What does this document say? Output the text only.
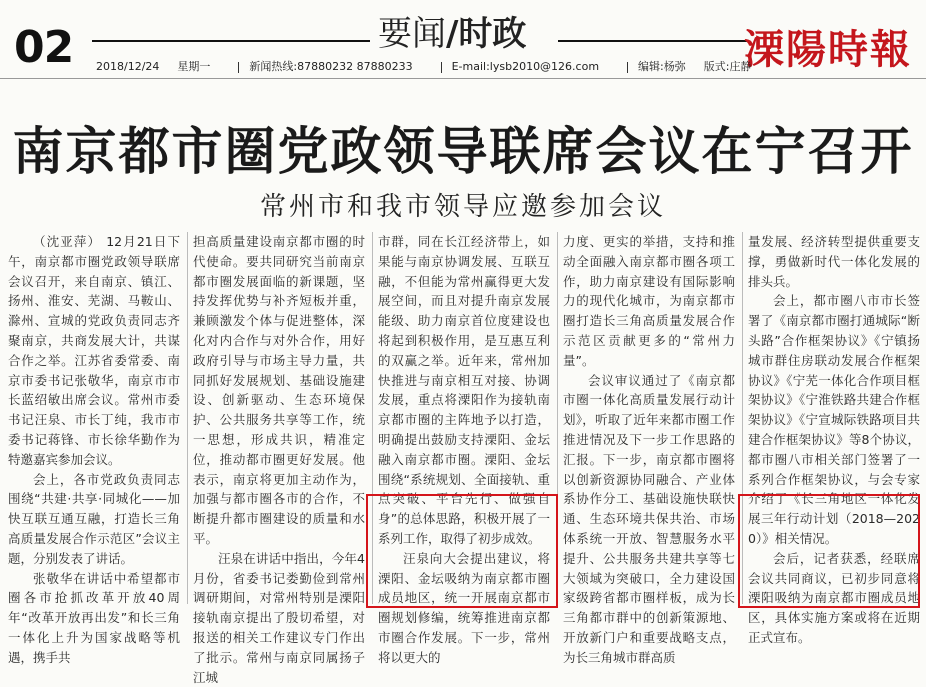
02	要闻/时政	溧陽時報
2018/12/24 星期一	新闻热线:87880232 87880233	E-mail:lysb2010@126.com	编辑:杨弥 版式:庄静
南京都市圈党政领导联席会议在宁召开
常州市和我市领导应邀参加会议

（沈亚萍） 12月21日下午，南京都市圈党政领导联席会议召开，来自南京、镇江、扬州、淮安、芜湖、马鞍山、滁州、宣城的党政负责同志齐聚南京，共商发展大计，共谋合作之举。江苏省委常委、南京市委书记张敬华，南京市市长蓝绍敏出席会议。常州市委书记汪泉、市长丁纯，我市市委书记蒋锋、市长徐华勤作为特邀嘉宾参加会议。

会上，各市党政负责同志围绕“共建·共享·同城化——加快互联互通互融，打造长三角高质量发展合作示范区”会议主题，分别发表了讲话。

张敬华在讲话中希望都市圈各市抢抓改革开放40周年“改革开放再出发”和长三角一体化上升为国家战略等机遇，携手共

担高质量建设南京都市圈的时代使命。要共同研究当前南京都市圈发展面临的新课题，坚持发挥优势与补齐短板并重，兼顾激发个体与促进整体，深化对内合作与对外合作，用好政府引导与市场主导力量，共同抓好发展规划、基础设施建设、创新驱动、生态环境保护、公共服务共享等工作，统一思想，形成共识，精准定位，推动都市圈更好发展。他表示，南京将更加主动作为，加强与都市圈各市的合作，不断提升都市圈建设的质量和水平。

汪泉在讲话中指出，今年4月份，省委书记娄勤俭到常州调研期间，对常州特别是溧阳接轨南京提出了殷切希望，对报送的相关工作建议专门作出了批示。常州与南京同属扬子江城

市群，同在长江经济带上，如果能与南京协调发展、互联互融，不但能为常州赢得更大发展空间，而且对提升南京发展能级、助力南京首位度建设也将起到积极作用，是互惠互利的双赢之举。近年来，常州加快推进与南京相互对接、协调发展，重点将溧阳作为接轨南京都市圈的主阵地予以打造，明确提出鼓励支持溧阳、金坛融入南京都市圈。溧阳、金坛围绕“系统规划、全面接轨、重点突破、平台先行、做强自身”的总体思路，积极开展了一系列工作，取得了初步成效。

汪泉向大会提出建议，将溧阳、金坛吸纳为南京都市圈成员地区，统一开展南京都市圈规划修编，统筹推进南京都市圈合作发展。下一步，常州将以更大的

力度、更实的举措，支持和推动全面融入南京都市圈各项工作，助力南京建设有国际影响力的现代化城市，为南京都市圈打造长三角高质量发展合作示范区贡献更多的“常州力量”。

会议审议通过了《南京都市圈一体化高质量发展行动计划》，听取了近年来都市圈工作推进情况及下一步工作思路的汇报。下一步，南京都市圈将以创新资源协同融合、产业体系协作分工、基础设施快联快通、生态环境共保共治、市场体系统一开放、智慧服务水平提升、公共服务共建共享等七大领域为突破口，全力建设国家级跨省都市圈样板，成为长三角都市群中的创新策源地、开放新门户和重要战略支点，为长三角城市群高质

量发展、经济转型提供重要支撑，勇做新时代一体化发展的排头兵。

会上，都市圈八市市长签署了《南京都市圈打通城际“断头路”合作框架协议》《宁镇扬城市群住房联动发展合作框架协议》《宁芜一体化合作项目框架协议》《宁淮铁路共建合作框架协议》《宁宣城际铁路项目共建合作框架协议》等8个协议，都市圈八市相关部门签署了一系列合作框架协议，与会专家介绍了《长三角地区一体化发展三年行动计划（2018—2020）》相关情况。

会后，记者获悉，经联席会议共同商议，已初步同意将溧阳吸纳为南京都市圈成员地区，具体实施方案或将在近期正式宣布。
